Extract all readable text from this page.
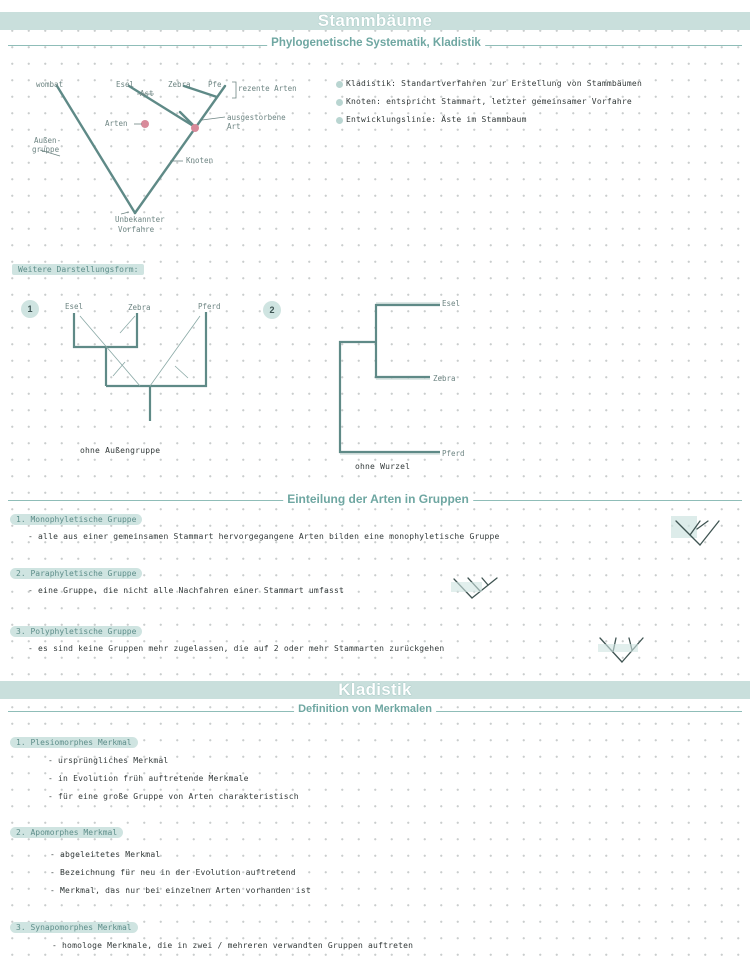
Stammbäume
Phylogenetische Systematik, Kladistik
wombat	Esel	Zebra Pfe rezente Arten
Ast
Arten
ausgestorbene
Art
Außen-
gruppe
Knoten
Unbekannter
Vorfahre
Esel	Zebra	Pferd	Esel
Zebra
Pferd
Kladistik: Standartverfahren zur Erstellung von Stammbäumen
Knoten: entspricht Stammart, letzter gemeinsamer Vorfahre
Entwicklungslinie: Äste im Stammbaum
Weitere Darstellungsform:
1	2
ohne Außengruppe
ohne Wurzel
Einteilung der Arten in Gruppen
1. Monophyletische Gruppe
- alle aus einer gemeinsamen Stammart hervorgegangene Arten bilden eine monophyletische Gruppe
2. Paraphyletische Gruppe
- eine Gruppe, die nicht alle Nachfahren einer Stammart umfasst
3. Polyphyletische Gruppe
- es sind keine Gruppen mehr zugelassen, die auf 2 oder mehr Stammarten zurückgehen
Kladistik
Definition von Merkmalen
1. Plesiomorphes Merkmal
- ursprüngliches Merkmal
- in Evolution früh auftretende Merkmale
- für eine große Gruppe von Arten charakteristisch
2. Apomorphes Merkmal
- abgeleitetes Merkmal
- Bezeichnung für neu in der Evolution auftretend
- Merkmal, das nur bei einzelnen Arten vorhanden ist
3. Synapomorphes Merkmal
- homologe Merkmale, die in zwei / mehreren verwandten Gruppen auftreten
